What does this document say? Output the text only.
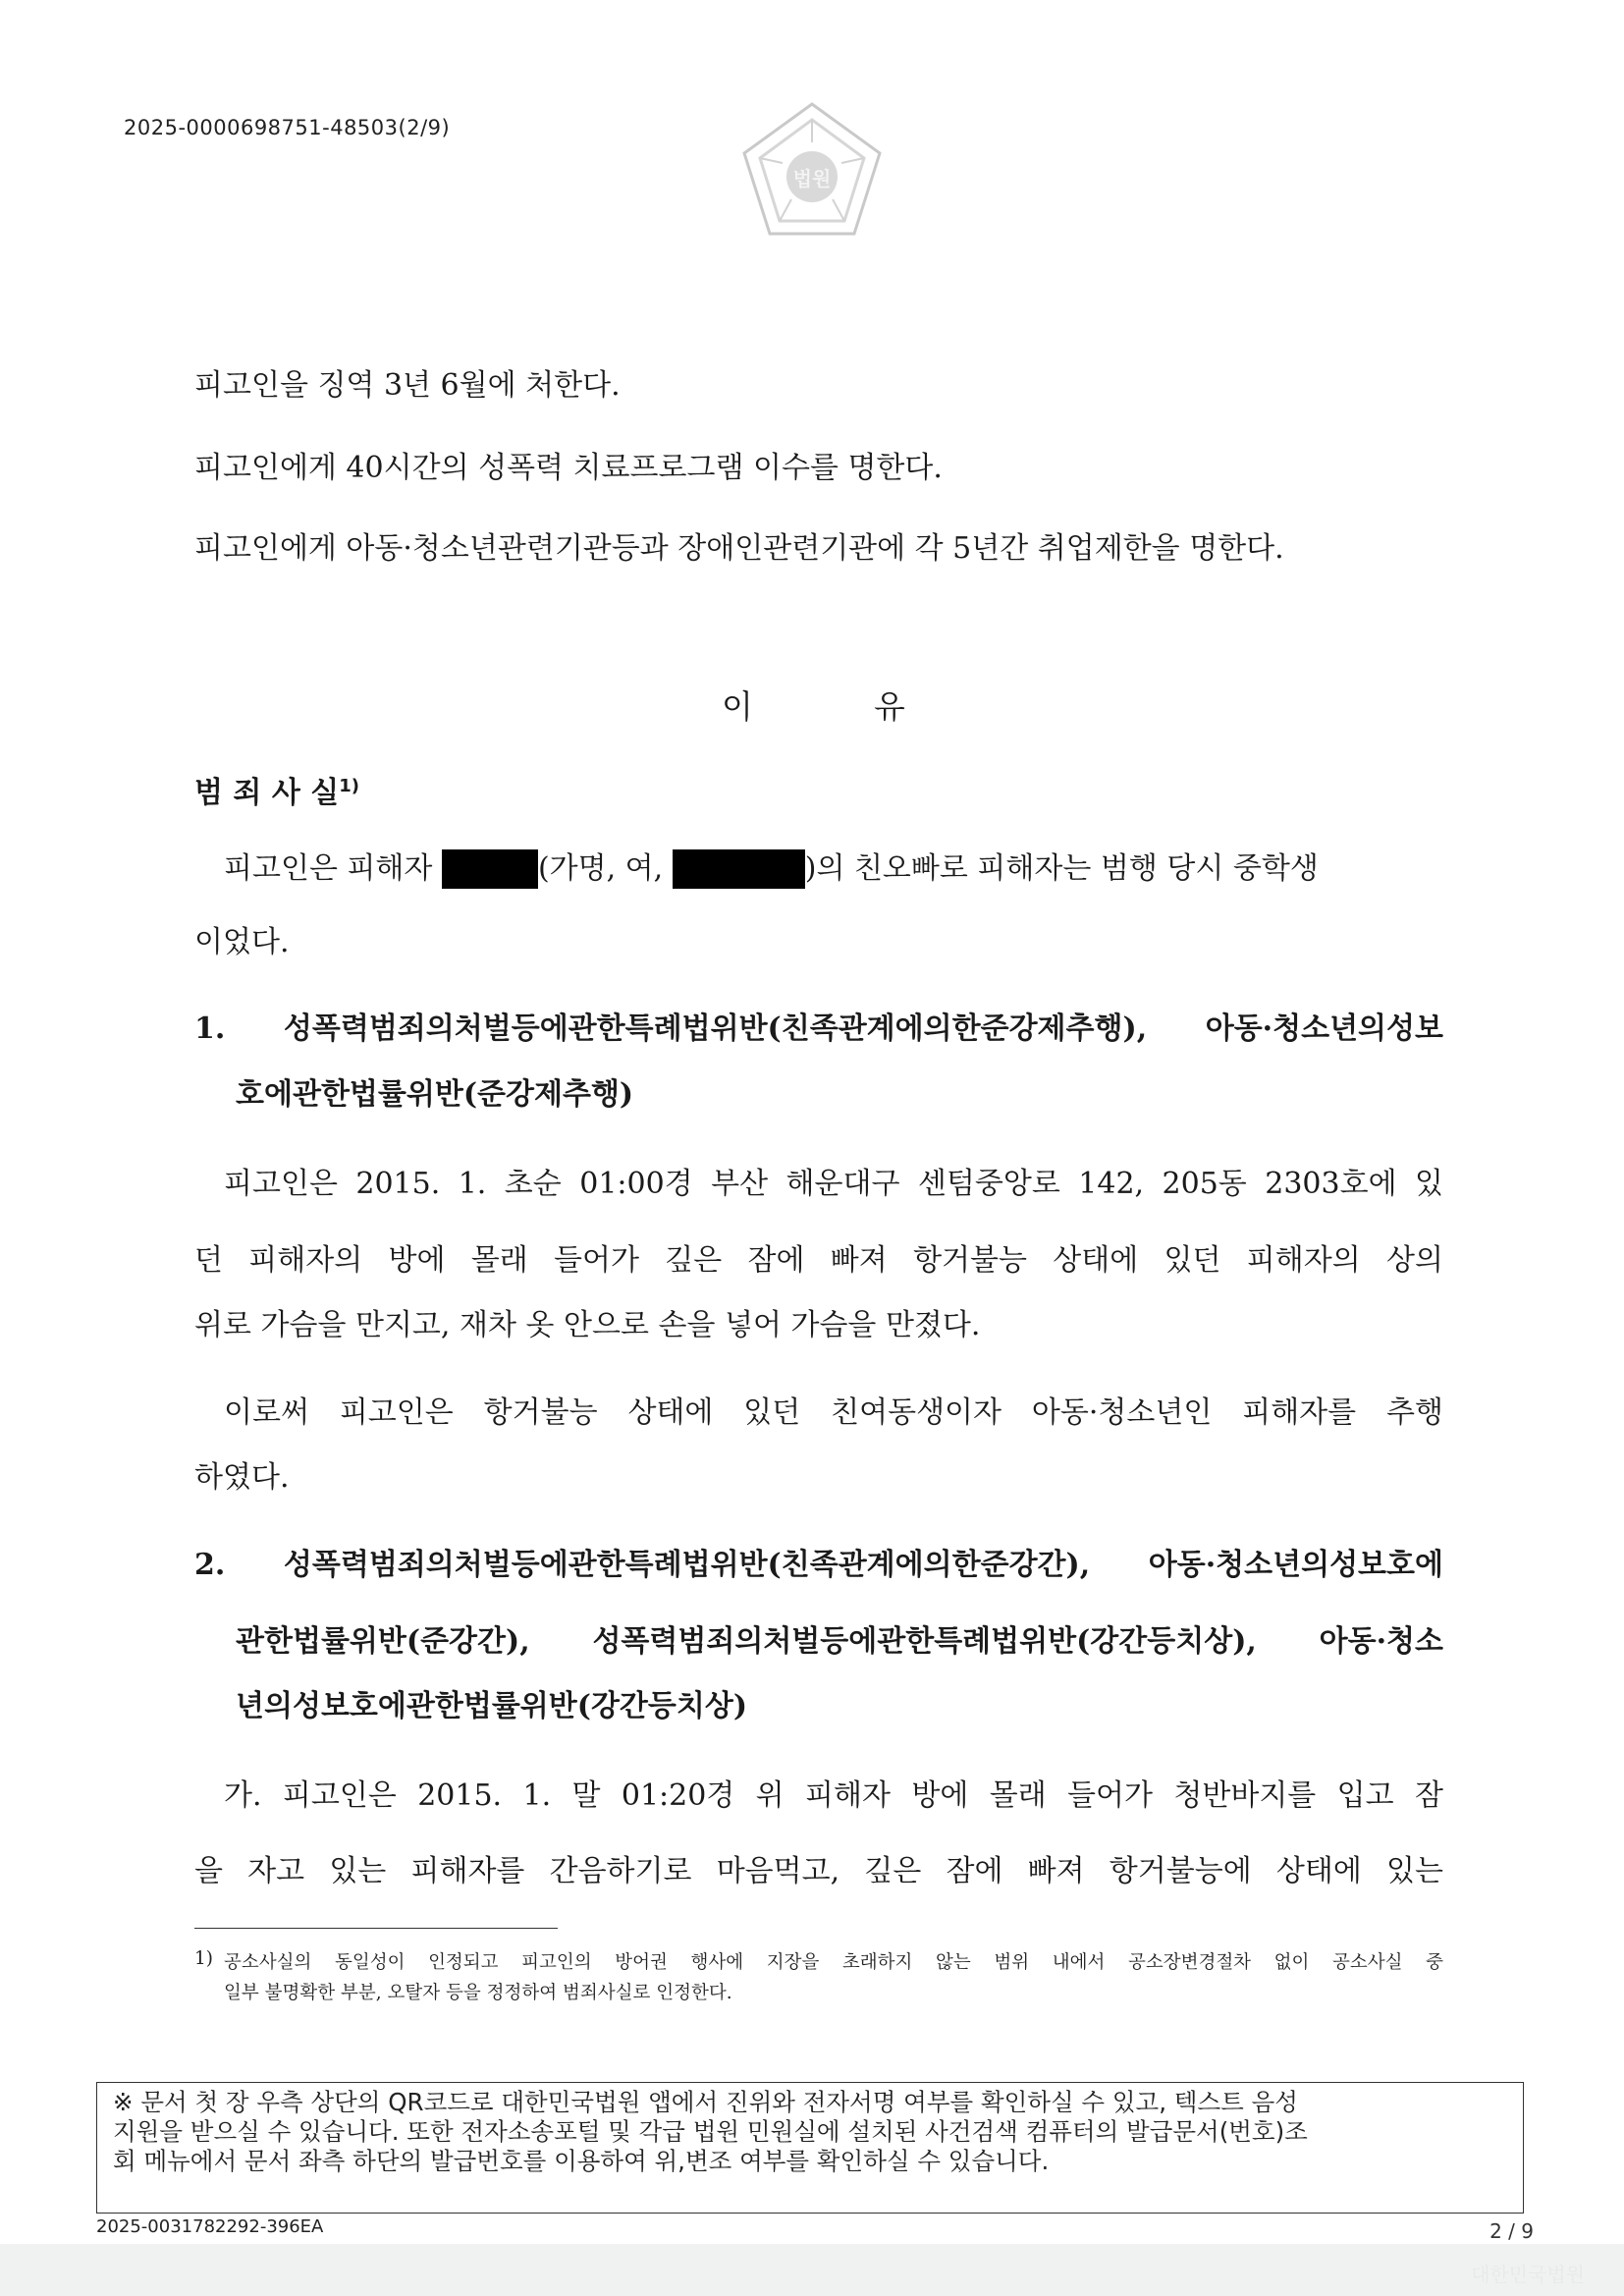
2025-0000698751-48503(2/9)
법원
피고인을 징역 3년 6월에 처한다.
피고인에게 40시간의 성폭력 치료프로그램 이수를 명한다.
피고인에게 아동·청소년관련기관등과 장애인관련기관에 각 5년간 취업제한을 명한다.
이	유
범 죄 사 실$^{1)}$
피고인은 피해자	(가명, 여,	)의 친오빠로 피해자는 범행 당시 중학생
이었다.
1. 성폭력범죄의처벌등에관한특례법위반(친족관계에의한준강제추행), 아동·청소년의성보
호에관한법률위반(준강제추행)
피고인은 2015. 1. 초순 01:00경 부산 해운대구 센텀중앙로 142, 205동 2303호에 있
던 피해자의 방에 몰래 들어가 깊은 잠에 빠져 항거불능 상태에 있던 피해자의 상의
위로 가슴을 만지고, 재차 옷 안으로 손을 넣어 가슴을 만졌다.
이로써 피고인은 항거불능 상태에 있던 친여동생이자 아동·청소년인 피해자를 추행
하였다.
2. 성폭력범죄의처벌등에관한특례법위반(친족관계에의한준강간), 아동·청소년의성보호에
관한법률위반(준강간), 성폭력범죄의처벌등에관한특례법위반(강간등치상), 아동·청소
년의성보호에관한법률위반(강간등치상)
가. 피고인은 2015. 1. 말 01:20경 위 피해자 방에 몰래 들어가 청반바지를 입고 잠
을 자고 있는 피해자를 간음하기로 마음먹고, 깊은 잠에 빠져 항거불능에 상태에 있는
1) 공소사실의 동일성이 인정되고 피고인의 방어권 행사에 지장을 초래하지 않는 범위 내에서 공소장변경절차 없이 공소사실 중
일부 불명확한 부분, 오탈자 등을 정정하여 범죄사실로 인정한다.
※ 문서 첫 장 우측 상단의 QR코드로 대한민국법원 앱에서 진위와 전자서명 여부를 확인하실 수 있고, 텍스트 음성
지원을 받으실 수 있습니다. 또한 전자소송포털 및 각급 법원 민원실에 설치된 사건검색 컴퓨터의 발급문서(번호)조
회 메뉴에서 문서 좌측 하단의 발급번호를 이용하여 위,변조 여부를 확인하실 수 있습니다.
2025-0031782292-396EA	2 / 9
대한민국법원
